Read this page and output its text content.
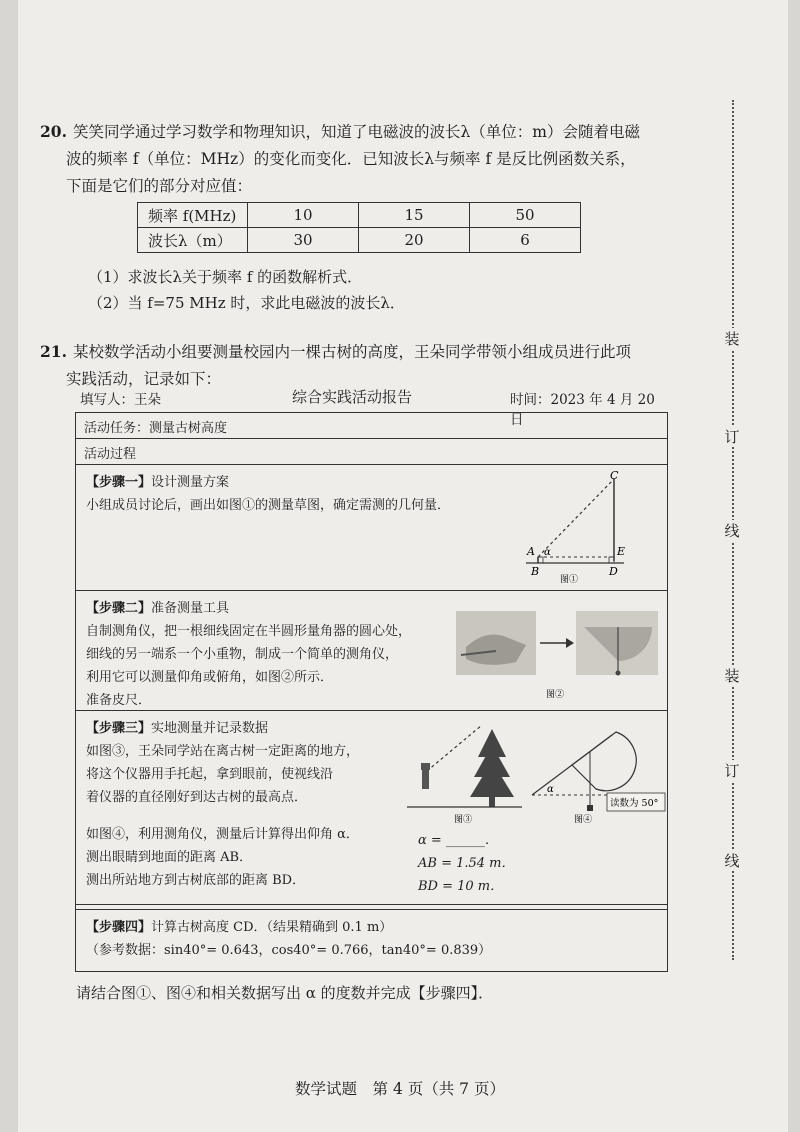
20. 笑笑同学通过学习数学和物理知识，知道了电磁波的波长λ（单位：m）会随着电磁
波的频率 f（单位：MHz）的变化而变化．已知波长λ与频率 f 是反比例函数关系，
下面是它们的部分对应值：
频率 f(MHz)	10	15	50
波长λ（m）	30	20	6
（1）求波长λ关于频率 f 的函数解析式．
（2）当 f=75 MHz 时，求此电磁波的波长λ．
21. 某校数学活动小组要测量校园内一棵古树的高度，王朵同学带领小组成员进行此项
实践活动，记录如下：
填写人：王朵	综合实践活动报告	时间：2023 年 4 月 20 日
活动任务：测量古树高度
活动过程
【步骤一】设计测量方案
小组成员讨论后，画出如图①的测量草图，确定需测的几何量．
C
A α	E
B	D
图①
【步骤二】准备测量工具
自制测角仪，把一根细线固定在半圆形量角器的圆心处，
细线的另一端系一个小重物，制成一个简单的测角仪，
利用它可以测量仰角或俯角，如图②所示．
准备皮尺．	图②
【步骤三】实地测量并记录数据
如图③，王朵同学站在离古树一定距离的地方，
将这个仪器用手托起，拿到眼前，使视线沿
着仪器的直径刚好到达古树的最高点．
如图④，利用测角仪，测量后计算得出仰角 α．
测出眼睛到地面的距离 AB．
测出所站地方到古树底部的距离 BD．
α = ______．
AB = 1.54 m．
BD = 10 m．
图③
α
读数为 50°
图④
【步骤四】计算古树高度 CD．（结果精确到 0.1 m）
（参考数据：sin40°= 0.643，cos40°= 0.766，tan40°= 0.839）
请结合图①、图④和相关数据写出 α 的度数并完成【步骤四】．
装
订
线
装
订
线
数学试题　第 4 页（共 7 页）
